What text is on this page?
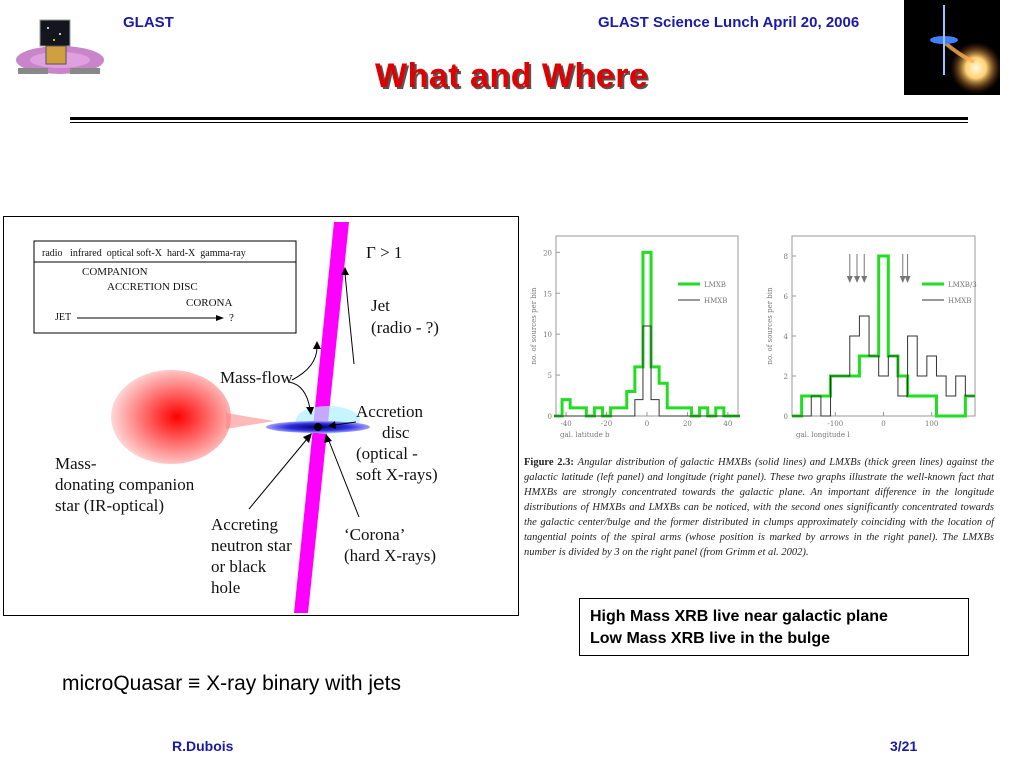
GLAST	GLAST Science Lunch April 20, 2006
What and Where
radio   infrared  optical soft-X  hard-X  gamma-ray
COMPANION
ACCRETION DISC
CORONA
JET	?
Γ > 1
Jet
(radio - ?)
Mass-flow
Accretion
disc
(optical -
soft X-rays)
Mass-
donating companion
star (IR-optical)
Accreting
neutron star
or black
hole
‘Corona’
(hard X-rays)
-40	-20	0	20	40
0
5
10
15
20
gal. latitude b
no. of sources per bin
LMXB
HMXB
-100	0	100
0
2
4
6
8
gal. longitude l
no. of sources per bin
LMXB/3
HMXB
Figure 2.3: Angular distribution of galactic HMXBs (solid lines) and LMXBs (thick green lines) against the galactic latitude (left panel) and longitude (right panel). These two graphs illustrate the well-known fact that HMXBs are strongly concentrated towards the galactic plane. An important difference in the longitude distributions of HMXBs and LMXBs can be noticed, with the second ones significantly concentrated towards the galactic center/bulge and the former distributed in clumps approximately coinciding with the location of tangential points of the spiral arms (whose position is marked by arrows in the right panel). The LMXBs number is divided by 3 on the right panel (from Grimm et al. 2002).
High Mass XRB live near galactic plane
Low Mass XRB live in the bulge
microQuasar ≡ X-ray binary with jets
R.Dubois	3/21
